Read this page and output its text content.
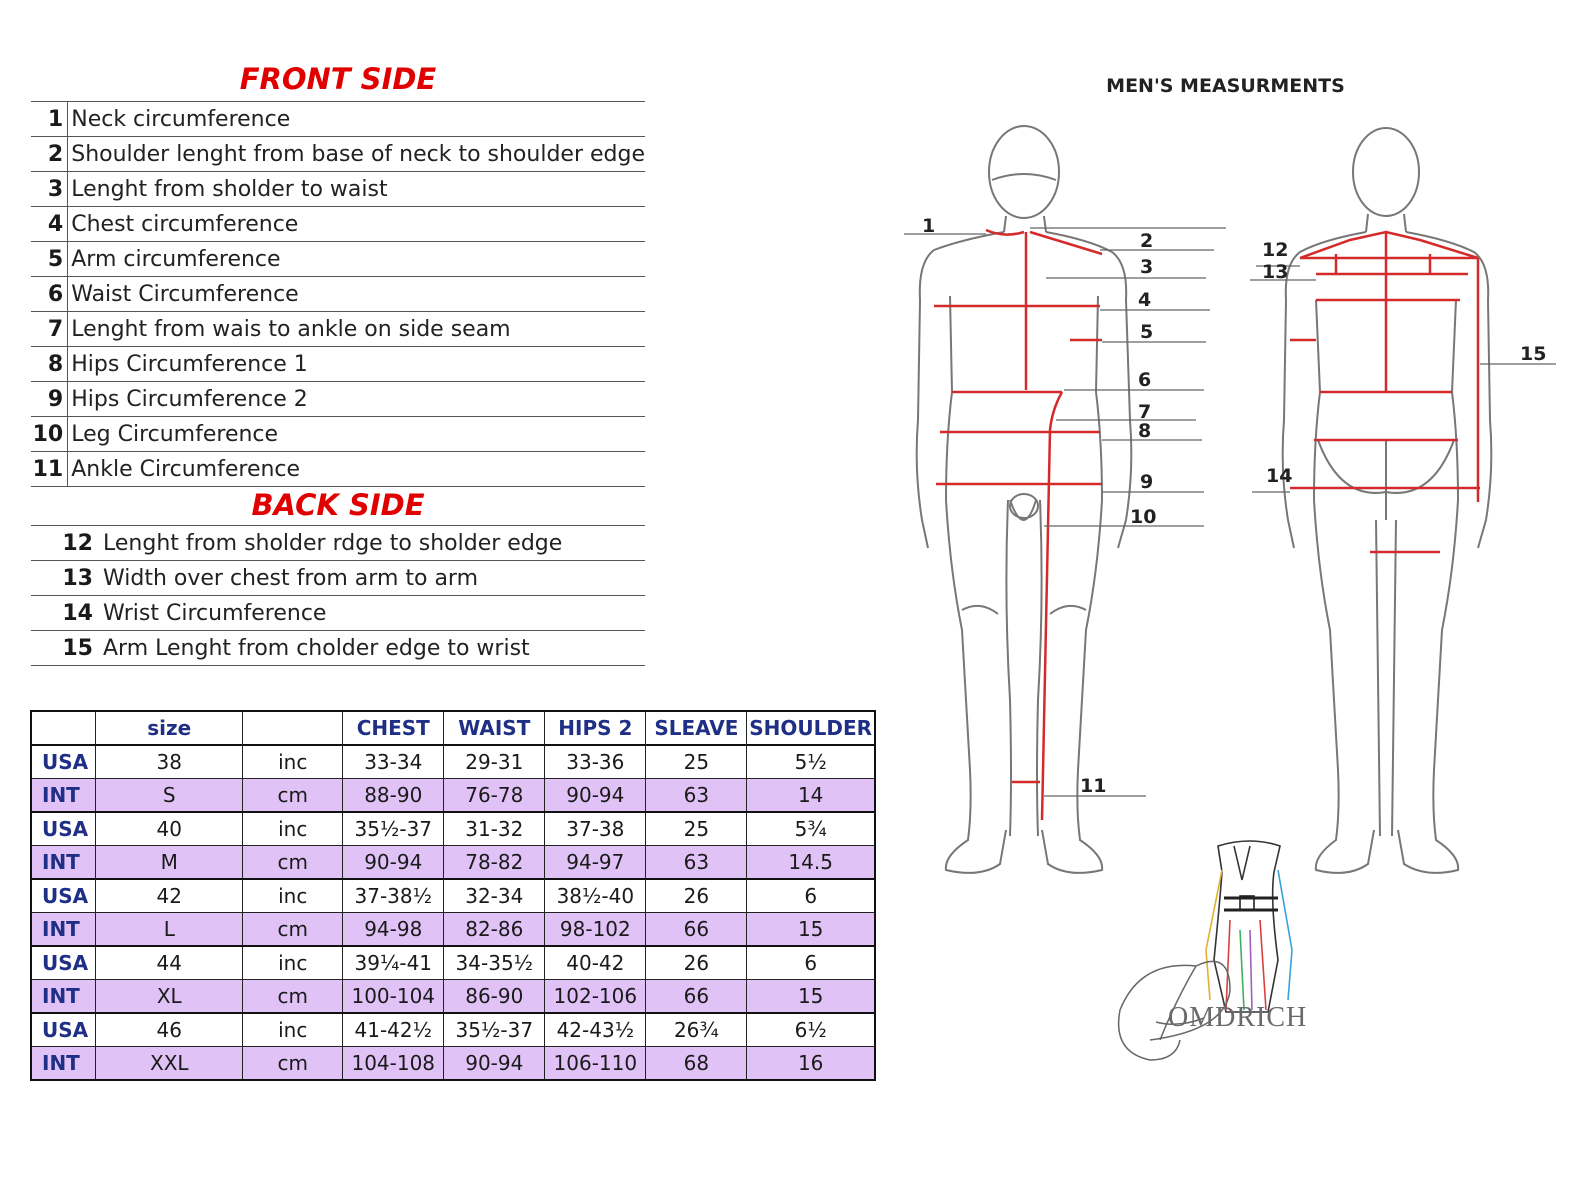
FRONT SIDE
1	Neck circumference
2	Shoulder lenght from base of neck to shoulder edge
3	Lenght from sholder to waist
4	Chest circumference
5	Arm circumference
6	Waist Circumference
7	Lenght from wais to ankle on side seam
8	Hips Circumference 1
9	Hips Circumference 2
10	Leg Circumference
11	Ankle Circumference
BACK SIDE
12	Lenght from sholder rdge to sholder edge
13	Width over chest from arm to arm
14	Wrist Circumference
15	Arm Lenght from cholder edge to wrist
	size		CHEST	WAIST	HIPS 2	SLEAVE	SHOULDER
USA	38	inc	33-34	29-31	33-36	25	5½
INT	S	cm	88-90	76-78	90-94	63	14
USA	40	inc	35½-37	31-32	37-38	25	5¾
INT	M	cm	90-94	78-82	94-97	63	14.5
USA	42	inc	37-38½	32-34	38½-40	26	6
INT	L	cm	94-98	82-86	98-102	66	15
USA	44	inc	39¼-41	34-35½	40-42	26	6
INT	XL	cm	100-104	86-90	102-106	66	15
USA	46	inc	41-42½	35½-37	42-43½	26¾	6½
INT	XXL	cm	104-108	90-94	106-110	68	16
MEN'S MEASURMENTS
1
2
3
4
5
6
7
8
9
10
11
12
13
14
15
OMDRICH
